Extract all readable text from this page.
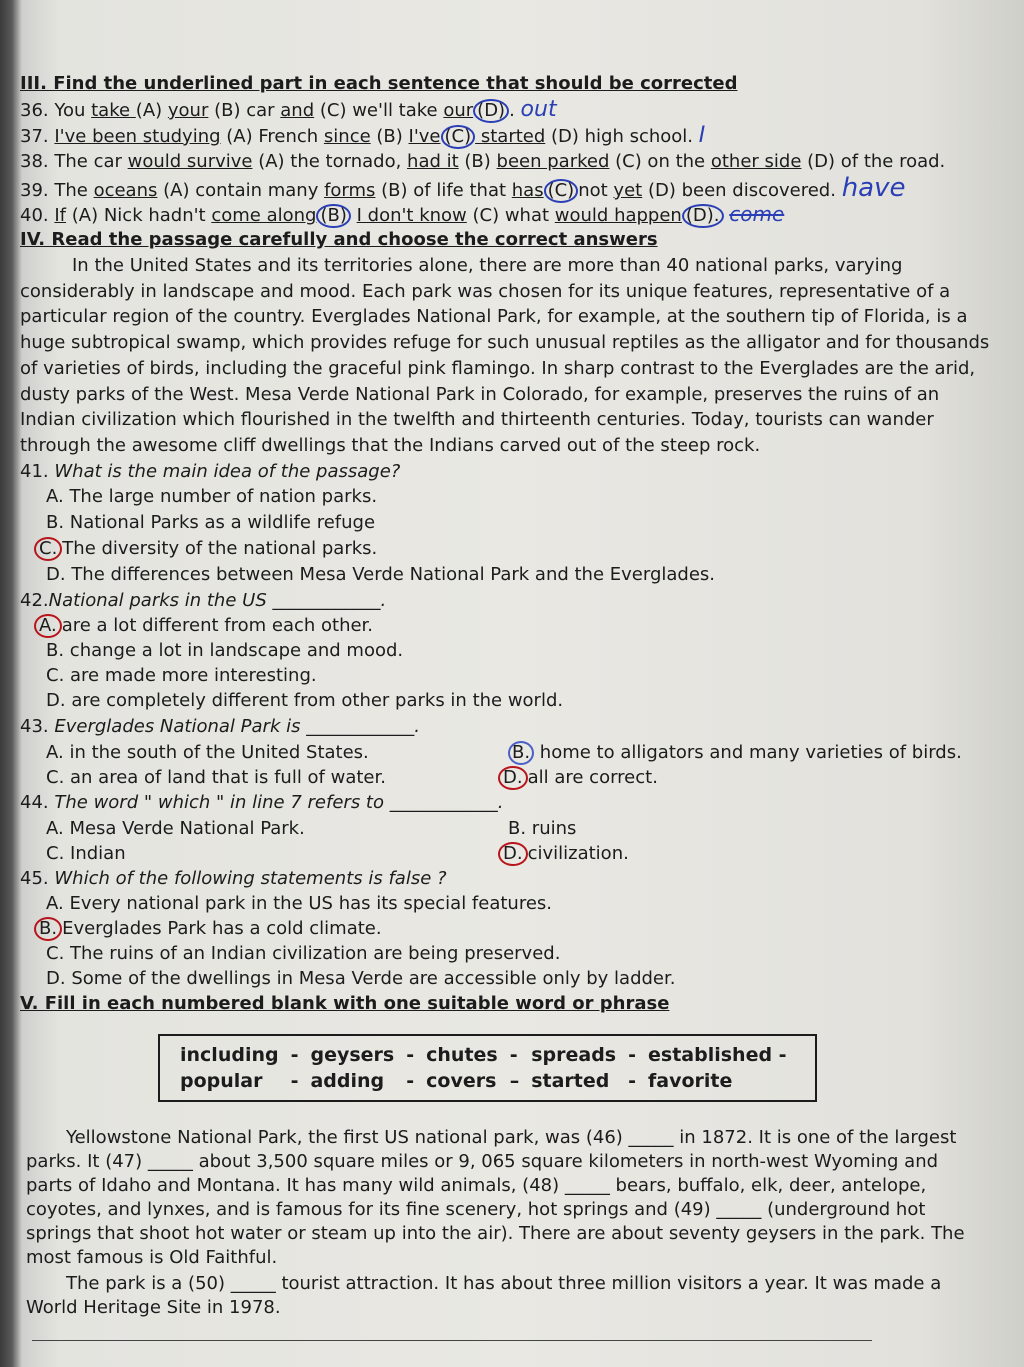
III. Find the underlined part in each sentence that should be corrected
36. You take (A) your (B) car and (C) we'll take our (D) . out
37. I've been studying (A) French since (B) I've (C) started (D) high school. I
38. The car would survive (A) the tornado, had it (B) been parked (C) on the other side (D) of the road.
39. The oceans (A) contain many forms (B) of life that has (C) not yet (D) been discovered. have
40. If (A) Nick hadn't come along (B) I don't know (C) what would happen (D). come
IV. Read the passage carefully and choose the correct answers

In the United States and its territories alone, there are more than 40 national parks, varying considerably in landscape and mood. Each park was chosen for its unique features, representative of a particular region of the country. Everglades National Park, for example, at the southern tip of Florida, is a huge subtropical swamp, which provides refuge for such unusual reptiles as the alligator and for thousands of varieties of birds, including the graceful pink flamingo. In sharp contrast to the Everglades are the arid, dusty parks of the West. Mesa Verde National Park in Colorado, for example, preserves the ruins of an Indian civilization which flourished in the twelfth and thirteenth centuries. Today, tourists can wander through the awesome cliff dwellings that the Indians carved out of the steep rock.

41. What is the main idea of the passage?
A. The large number of nation parks.
B. National Parks as a wildlife refuge
C. The diversity of the national parks.
D. The differences between Mesa Verde National Park and the Everglades.
42.National parks in the US ____________.
A. are a lot different from each other.
B. change a lot in landscape and mood.
C. are made more interesting.
D. are completely different from other parks in the world.
43. Everglades National Park is ____________.
A. in the south of the United States.	B. home to alligators and many varieties of birds.
C. an area of land that is full of water.	D. all are correct.
44. The word " which " in line 7 refers to ____________.
A. Mesa Verde National Park.	B. ruins
C. Indian	D. civilization.
45. Which of the following statements is false ?
A. Every national park in the US has its special features.
B. Everglades Park has a cold climate.
C. The ruins of an Indian civilization are being preserved.
D. Some of the dwellings in Mesa Verde are accessible only by ladder.
V. Fill in each numbered blank with one suitable word or phrase
including	-	geysers	-	chutes	-	spreads	-	established -
popular	-	adding	-	covers	–	started	-	favorite

Yellowstone National Park, the first US national park, was (46) _____ in 1872. It is one of the largest parks. It (47) _____ about 3,500 square miles or 9, 065 square kilometers in north-west Wyoming and parts of Idaho and Montana. It has many wild animals, (48) _____ bears, buffalo, elk, deer, antelope, coyotes, and lynxes, and is famous for its fine scenery, hot springs and (49) _____ (underground hot springs that shoot hot water or steam up into the air). There are about seventy geysers in the park. The most famous is Old Faithful.

The park is a (50) _____ tourist attraction. It has about three million visitors a year. It was made a World Heritage Site in 1978.
